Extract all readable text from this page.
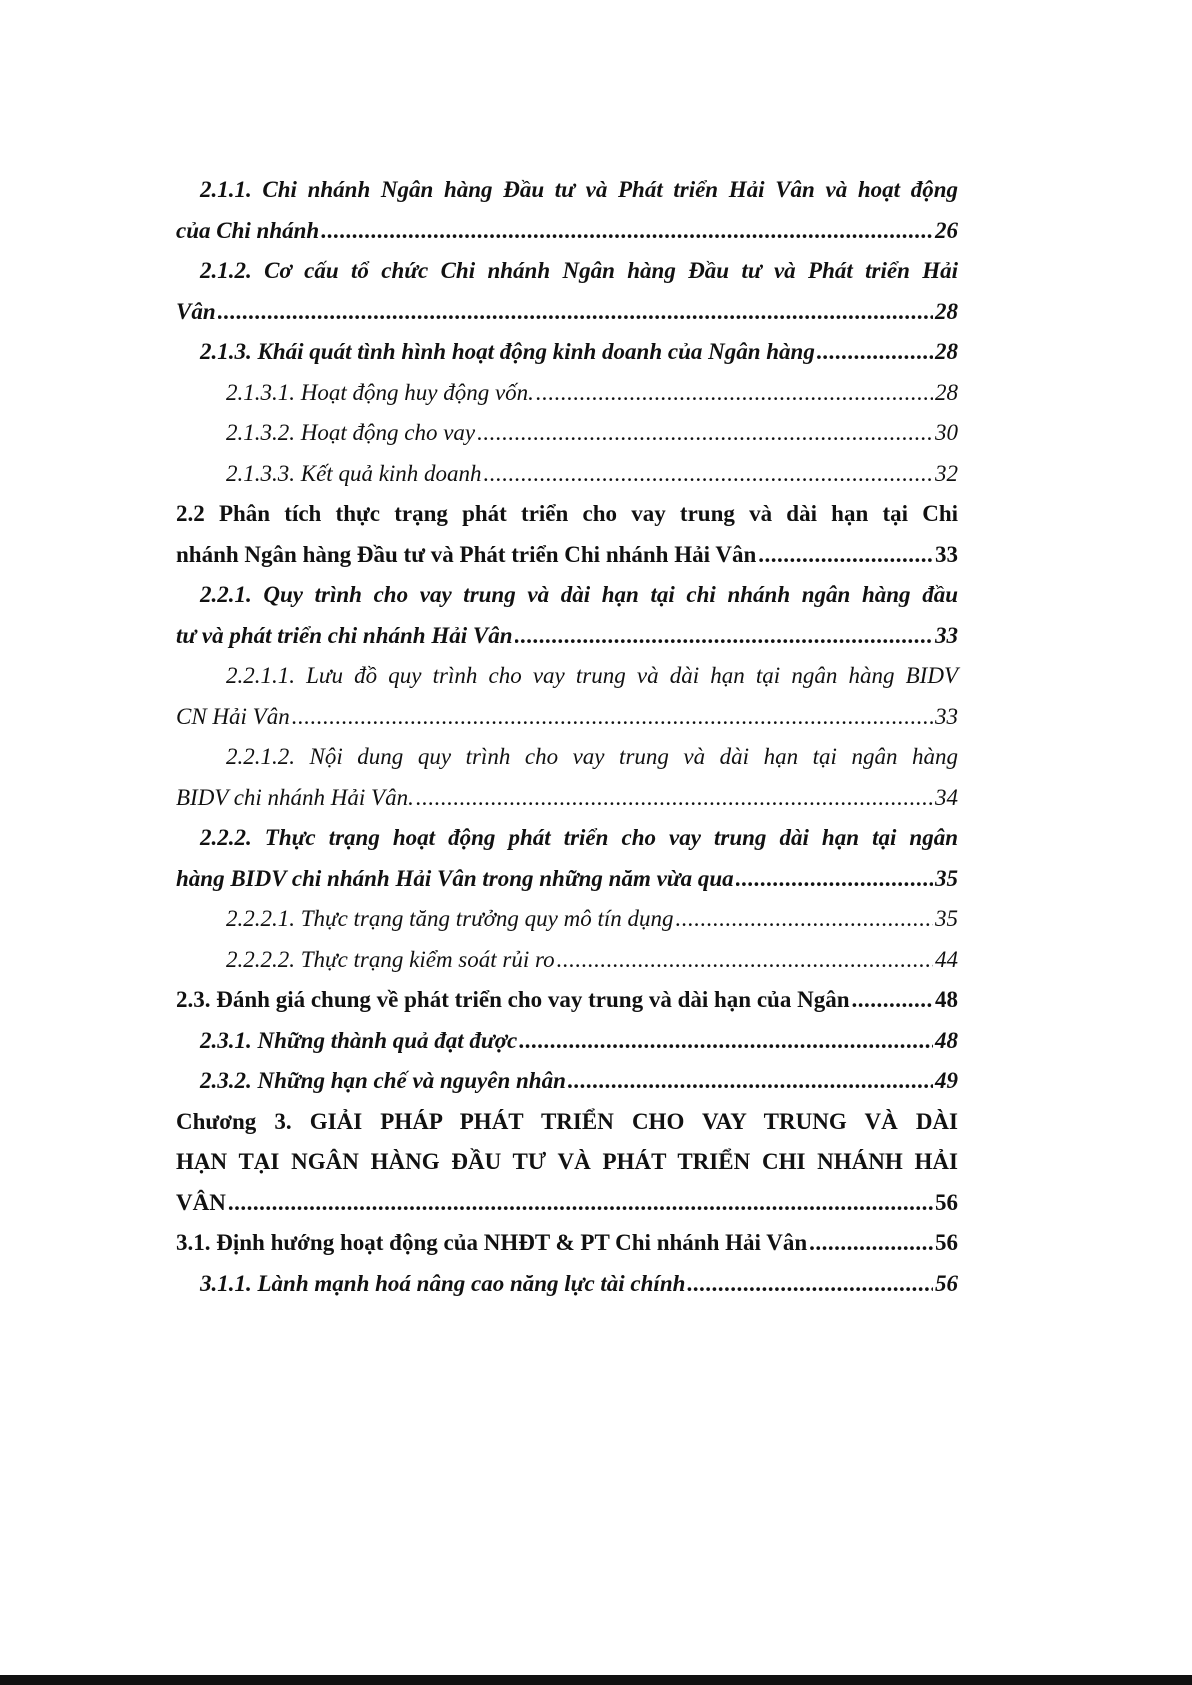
2.1.1. Chi nhánh Ngân hàng Đầu tư và Phát triển Hải Vân và hoạt động
của Chi nhánh .....	26
2.1.2. Cơ cấu tổ chức Chi nhánh Ngân hàng Đầu tư và Phát triển Hải
Vân .....	28
2.1.3. Khái quát tình hình hoạt động kinh doanh của Ngân hàng .....	28
2.1.3.1. Hoạt động huy động vốn. .....	28
2.1.3.2. Hoạt động cho vay .....	30
2.1.3.3. Kết quả kinh doanh .....	32
2.2 Phân tích thực trạng phát triển cho vay trung và dài hạn tại Chi
nhánh Ngân hàng Đầu tư và Phát triển Chi nhánh Hải Vân .....	33
2.2.1. Quy trình cho vay trung và dài hạn tại chi nhánh ngân hàng đầu
tư và phát triển chi nhánh Hải Vân .....	33
2.2.1.1. Lưu đồ quy trình cho vay trung và dài hạn tại ngân hàng BIDV
CN Hải Vân .....	33
2.2.1.2. Nội dung quy trình cho vay trung và dài hạn tại ngân hàng
BIDV chi nhánh Hải Vân. .....	34
2.2.2. Thực trạng hoạt động phát triển cho vay trung dài hạn tại ngân
hàng BIDV chi nhánh Hải Vân trong những năm vừa qua .....	35
2.2.2.1. Thực trạng tăng trưởng quy mô tín dụng .....	35
2.2.2.2. Thực trạng kiểm soát rủi ro .....	44
2.3. Đánh giá chung về phát triển cho vay trung và dài hạn của Ngân .....	48
2.3.1. Những thành quả đạt được .....	48
2.3.2. Những hạn chế và nguyên nhân .....	49
Chương 3. GIẢI PHÁP PHÁT TRIỂN CHO VAY TRUNG VÀ DÀI
HẠN TẠI NGÂN HÀNG ĐẦU TƯ VÀ PHÁT TRIỂN CHI NHÁNH HẢI
VÂN .....	56
3.1. Định hướng hoạt động của NHĐT & PT Chi nhánh Hải Vân .....	56
3.1.1. Lành mạnh hoá nâng cao năng lực tài chính .....	56
